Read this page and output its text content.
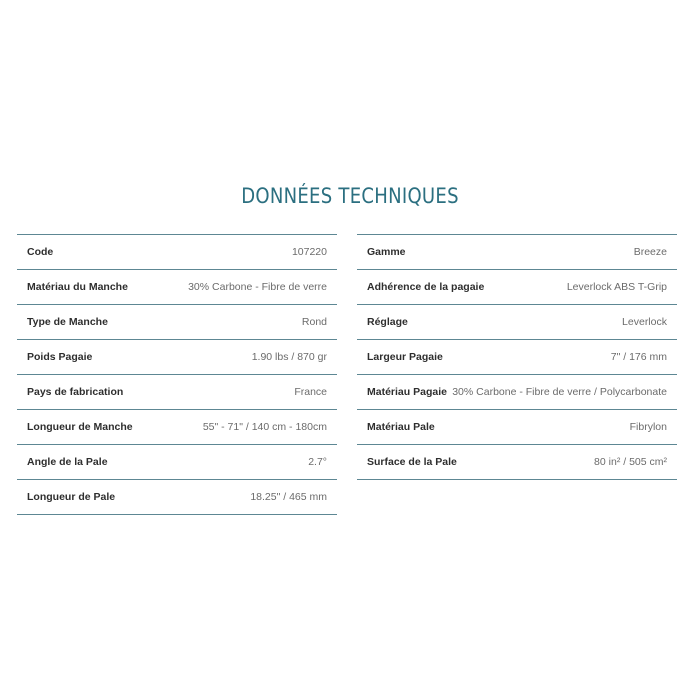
DONNÉES TECHNIQUES
Code	107220
Matériau du Manche	30% Carbone - Fibre de verre
Type de Manche	Rond
Poids Pagaie	1.90 lbs / 870 gr
Pays de fabrication	France
Longueur de Manche	55" - 71" / 140 cm - 180cm
Angle de la Pale	2.7°
Longueur de Pale	18.25" / 465 mm
Gamme	Breeze
Adhérence de la pagaie	Leverlock ABS T-Grip
Réglage	Leverlock
Largeur Pagaie	7" / 176 mm
Matériau Pagaie 30% Carbone - Fibre de verre / Polycarbonate
Matériau Pale	Fibrylon
Surface de la Pale	80 in² / 505 cm²
